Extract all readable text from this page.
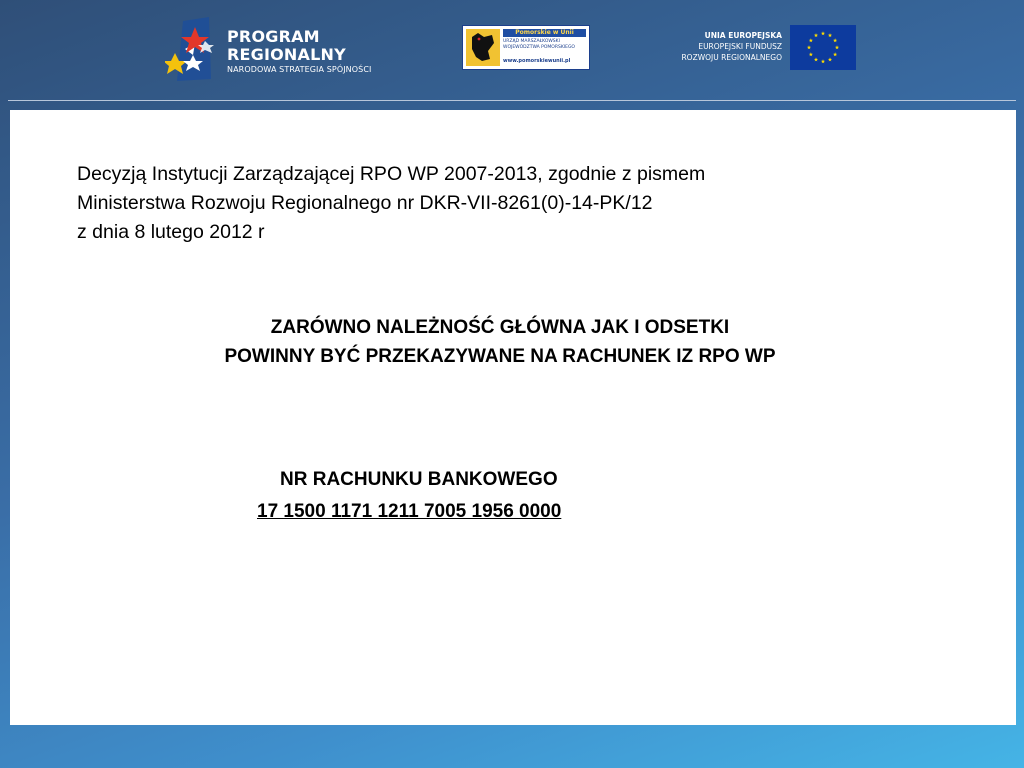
PROGRAM
REGIONALNY
NARODOWA STRATEGIA SPÓJNOŚCI
Pomorskie w Unii
URZĄD MARSZAŁKOWSKI
WOJEWÓDZTWA POMORSKIEGO
www.pomorskiewunii.pl
UNIA EUROPEJSKA
EUROPEJSKI FUNDUSZ
ROZWOJU REGIONALNEGO
Decyzją Instytucji Zarządzającej RPO WP 2007-2013, zgodnie z pismem
Ministerstwa Rozwoju Regionalnego nr DKR-VII-8261(0)-14-PK/12
z dnia 8 lutego 2012 r
ZARÓWNO NALEŻNOŚĆ GŁÓWNA JAK I ODSETKI
POWINNY BYĆ PRZEKAZYWANE NA RACHUNEK IZ RPO WP
NR RACHUNKU BANKOWEGO
17 1500 1171 1211 7005 1956 0000
